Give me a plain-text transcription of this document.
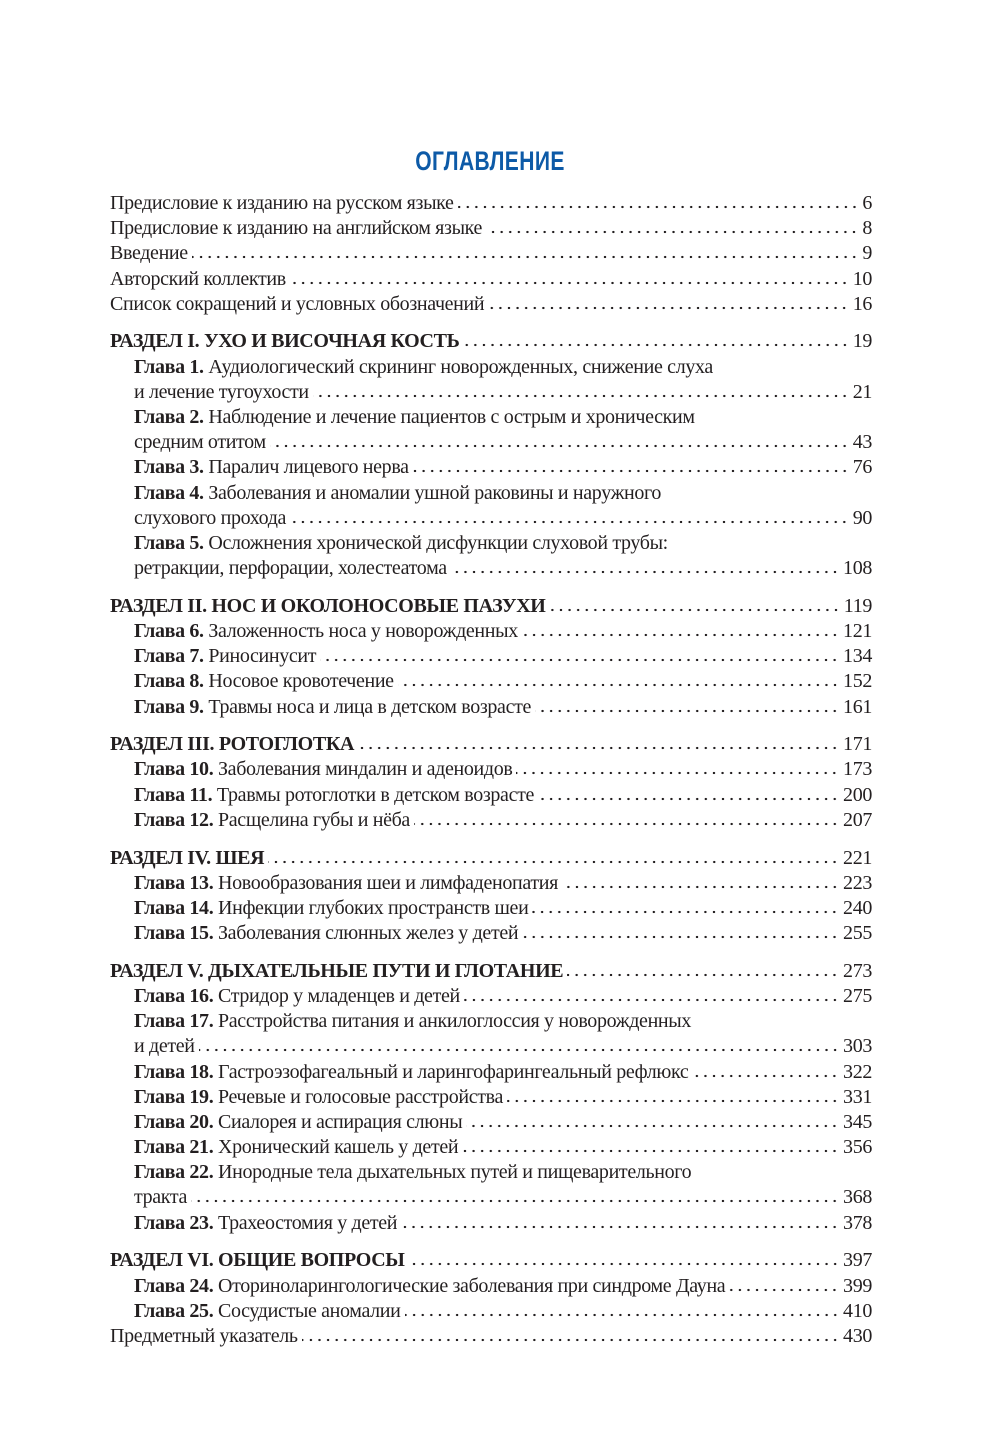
ОГЛАВЛЕНИЕ
Предисловие к изданию на русском языке	6
Предисловие к изданию на английском языке	8
Введение	9
Авторский коллектив	10
Список сокращений и условных обозначений	16
РАЗДЕЛ I. УХО И ВИСОЧНАЯ КОСТЬ	19
Глава 1. Аудиологический скрининг новорожденных, снижение слуха
и лечение тугоухости	21
Глава 2. Наблюдение и лечение пациентов с острым и хроническим
средним отитом	43
Глава 3. Паралич лицевого нерва	76
Глава 4. Заболевания и аномалии ушной раковины и наружного
слухового прохода	90
Глава 5. Осложнения хронической дисфункции слуховой трубы:
ретракции, перфорации, холестеатома	108
РАЗДЕЛ II. НОС И ОКОЛОНОСОВЫЕ ПАЗУХИ	119
Глава 6. Заложенность носа у новорожденных	121
Глава 7. Риносинусит	134
Глава 8. Носовое кровотечение	152
Глава 9. Травмы носа и лица в детском возрасте	161
РАЗДЕЛ III. РОТОГЛОТКА	171
Глава 10. Заболевания миндалин и аденоидов	173
Глава 11. Травмы ротоглотки в детском возрасте	200
Глава 12. Расщелина губы и нёба	207
РАЗДЕЛ IV. ШЕЯ	221
Глава 13. Новообразования шеи и лимфаденопатия	223
Глава 14. Инфекции глубоких пространств шеи	240
Глава 15. Заболевания слюнных желез у детей	255
РАЗДЕЛ V. ДЫХАТЕЛЬНЫЕ ПУТИ И ГЛОТАНИЕ	273
Глава 16. Стридор у младенцев и детей	275
Глава 17. Расстройства питания и анкилоглоссия у новорожденных
и детей	303
Глава 18. Гастроэзофагеальный и ларингофарингеальный рефлюкс	322
Глава 19. Речевые и голосовые расстройства	331
Глава 20. Сиалорея и аспирация слюны	345
Глава 21. Хронический кашель у детей	356
Глава 22. Инородные тела дыхательных путей и пищеварительного
тракта	368
Глава 23. Трахеостомия у детей	378
РАЗДЕЛ VI. ОБЩИЕ ВОПРОСЫ	397
Глава 24. Оториноларингологические заболевания при синдроме Дауна	399
Глава 25. Сосудистые аномалии	410
Предметный указатель	430
